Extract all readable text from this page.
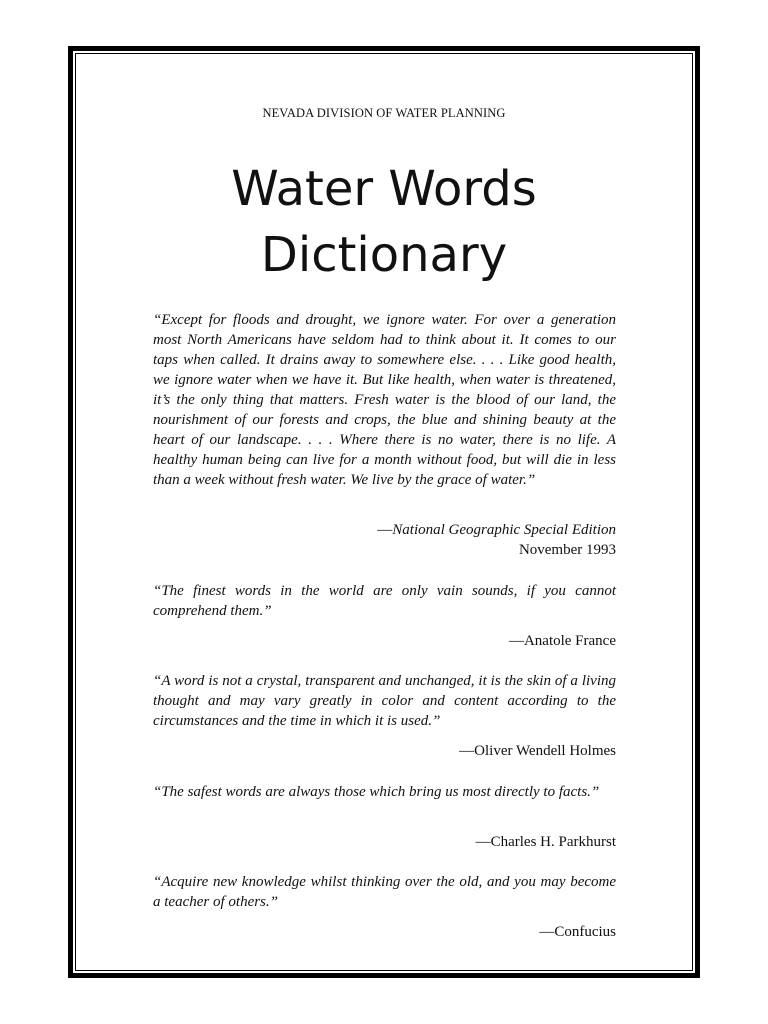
NEVADA DIVISION OF WATER PLANNING
Water Words
Dictionary

“Except for floods and drought, we ignore water. For over a generation most North Americans have seldom had to think about it. It comes to our taps when called. It drains away to somewhere else. . . . Like good health, we ignore water when we have it. But like health, when water is threatened, it’s the only thing that matters. Fresh water is the blood of our land, the nourishment of our forests and crops, the blue and shining beauty at the heart of our landscape. . . . Where there is no water, there is no life. A healthy human being can live for a month without food, but will die in less than a week without fresh water. We live by the grace of water.”

—National Geographic Special Edition

November 1993

“The finest words in the world are only vain sounds, if you cannot comprehend them.”

—Anatole France

“A word is not a crystal, transparent and unchanged, it is the skin of a living thought and may vary greatly in color and content according to the circumstances and the time in which it is used.”

—Oliver Wendell Holmes

“The safest words are always those which bring us most directly to facts.”

—Charles H. Parkhurst

“Acquire new knowledge whilst thinking over the old, and you may become a teacher of others.”

—Confucius
